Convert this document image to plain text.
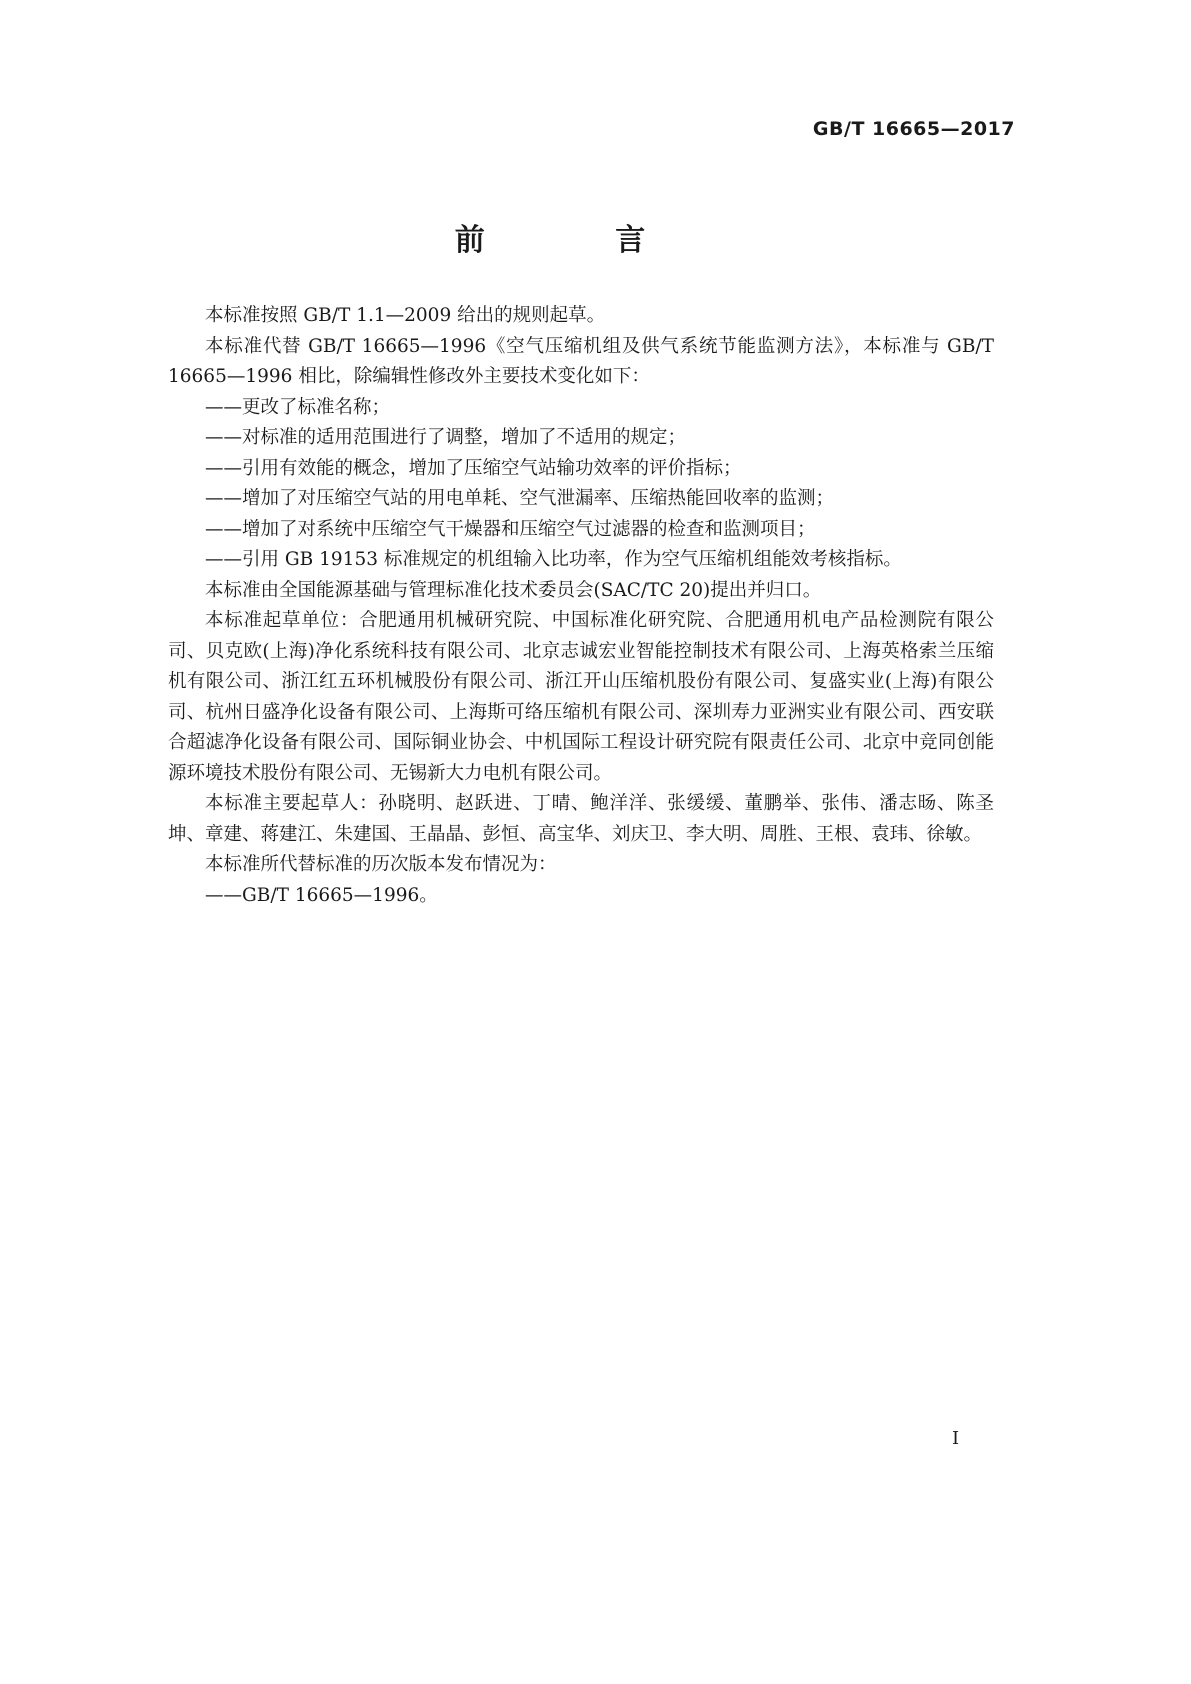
GB/T 16665—2017
前 言

本标准按照 GB/T 1.1—2009 给出的规则起草。

本标准代替 GB/T 16665—1996《空气压缩机组及供气系统节能监测方法》，本标准与 GB/T 16665—1996 相比，除编辑性修改外主要技术变化如下：

——更改了标准名称；

——对标准的适用范围进行了调整，增加了不适用的规定；

——引用有效能的概念，增加了压缩空气站输功效率的评价指标；

——增加了对压缩空气站的用电单耗、空气泄漏率、压缩热能回收率的监测；

——增加了对系统中压缩空气干燥器和压缩空气过滤器的检查和监测项目；

——引用 GB 19153 标准规定的机组输入比功率，作为空气压缩机组能效考核指标。

本标准由全国能源基础与管理标准化技术委员会(SAC/TC 20)提出并归口。

本标准起草单位：合肥通用机械研究院、中国标准化研究院、合肥通用机电产品检测院有限公司、贝克欧(上海)净化系统科技有限公司、北京志诚宏业智能控制技术有限公司、上海英格索兰压缩机有限公司、浙江红五环机械股份有限公司、浙江开山压缩机股份有限公司、复盛实业(上海)有限公司、杭州日盛净化设备有限公司、上海斯可络压缩机有限公司、深圳寿力亚洲实业有限公司、西安联合超滤净化设备有限公司、国际铜业协会、中机国际工程设计研究院有限责任公司、北京中竞同创能源环境技术股份有限公司、无锡新大力电机有限公司。

本标准主要起草人：孙晓明、赵跃进、丁晴、鲍洋洋、张缓缓、董鹏举、张伟、潘志旸、陈圣坤、章建、蒋建江、朱建国、王晶晶、彭恒、高宝华、刘庆卫、李大明、周胜、王根、袁玮、徐敏。

本标准所代替标准的历次版本发布情况为：

——GB/T 16665—1996。

I
